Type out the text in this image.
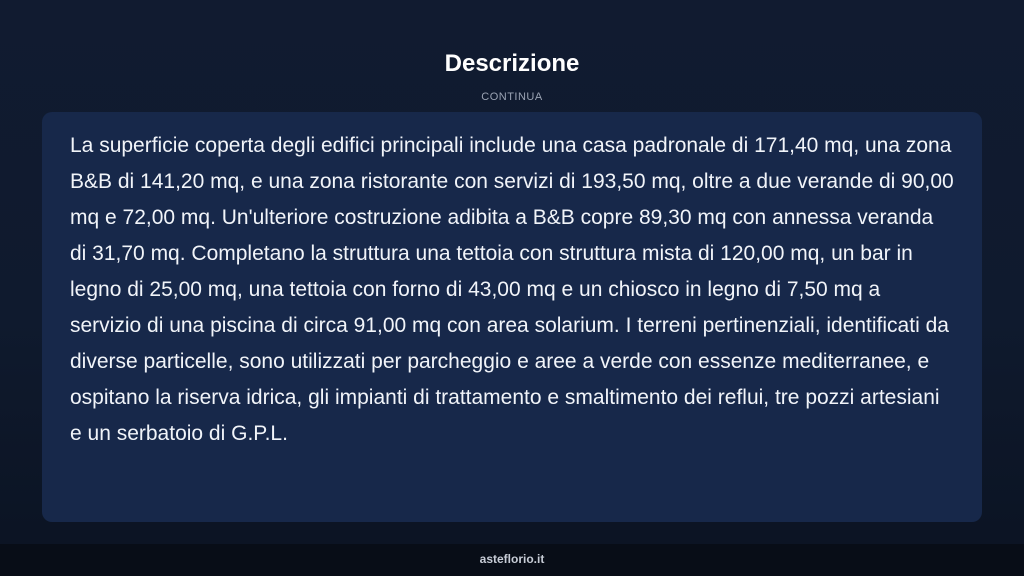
Descrizione
CONTINUA

La superficie coperta degli edifici principali include una casa padronale di 171,40 mq, una zona B&B di 141,20 mq, e una zona ristorante con servizi di 193,50 mq, oltre a due verande di 90,00 mq e 72,00 mq. Un'ulteriore costruzione adibita a B&B copre 89,30 mq con annessa veranda di 31,70 mq. Completano la struttura una tettoia con struttura mista di 120,00 mq, un bar in legno di 25,00 mq, una tettoia con forno di 43,00 mq e un chiosco in legno di 7,50 mq a servizio di una piscina di circa 91,00 mq con area solarium. I terreni pertinenziali, identificati da diverse particelle, sono utilizzati per parcheggio e aree a verde con essenze mediterranee, e ospitano la riserva idrica, gli impianti di trattamento e smaltimento dei reflui, tre pozzi artesiani e un serbatoio di G.P.L.

asteflorio.it
